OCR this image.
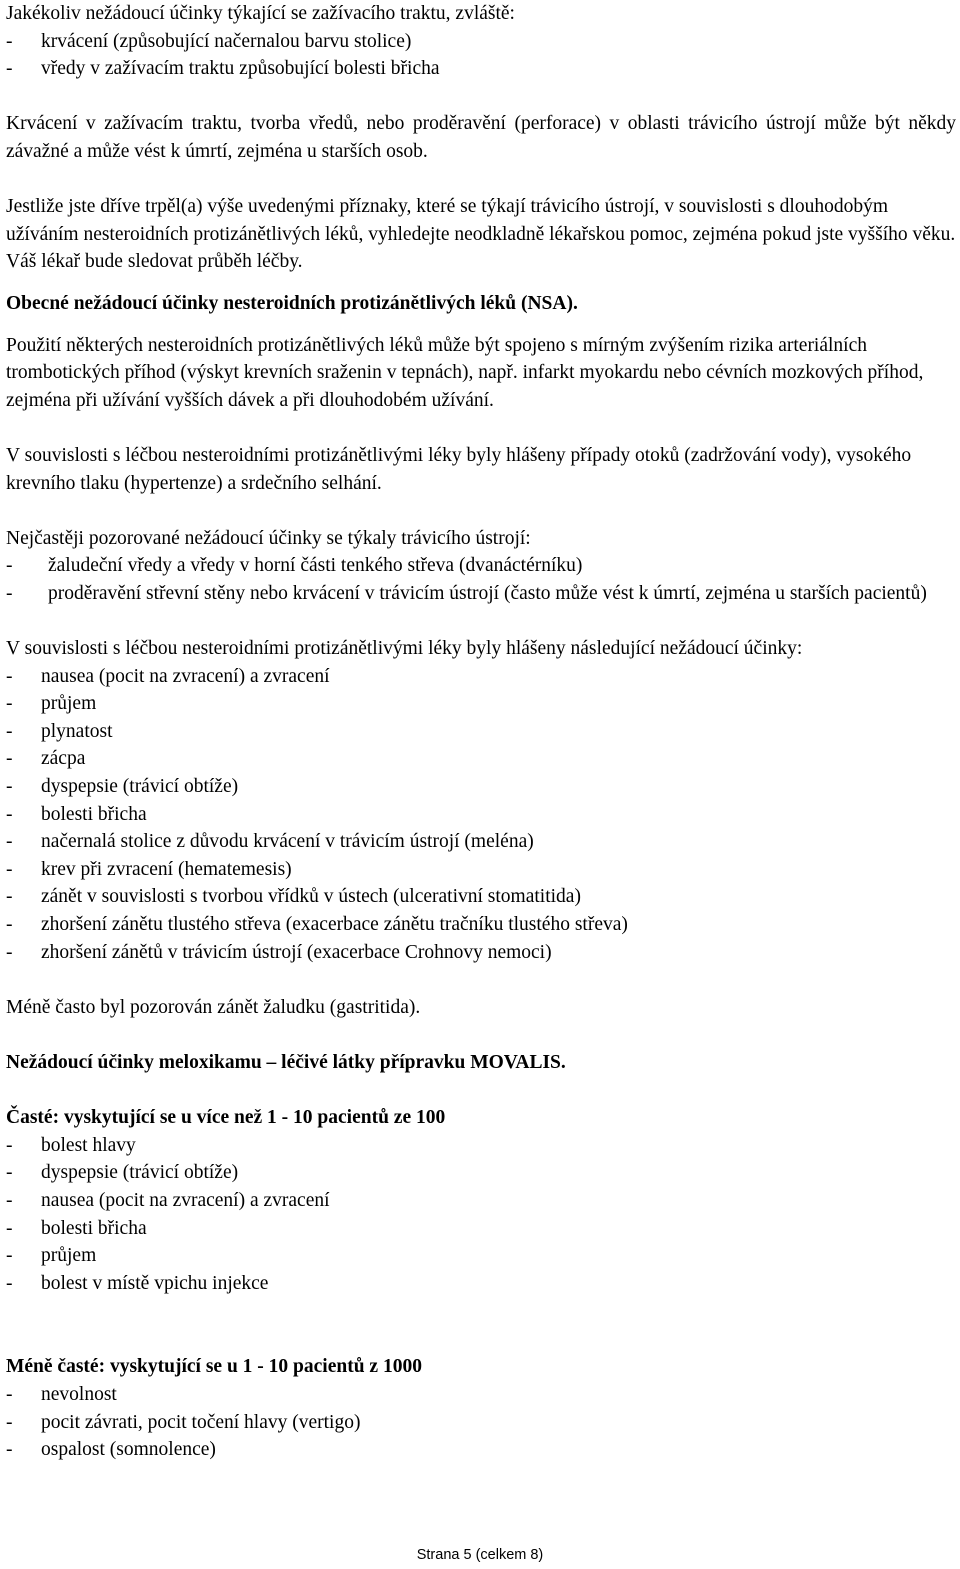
Jakékoliv nežádoucí účinky týkající se zažívacího traktu, zvláště:

-	krvácení (způsobující načernalou barvu stolice)
-	vředy v zažívacím traktu způsobující bolesti břicha

Krvácení v zažívacím traktu, tvorba vředů, nebo proděravění (perforace) v oblasti trávicího ústrojí může být někdy závažné a může vést k úmrtí, zejména u starších osob.

Jestliže jste dříve trpěl(a) výše uvedenými příznaky, které se týkají trávicího ústrojí, v souvislosti s dlouhodobým užíváním nesteroidních protizánětlivých léků, vyhledejte neodkladně lékařskou pomoc, zejména pokud jste vyššího věku. Váš lékař bude sledovat průběh léčby.

Obecné nežádoucí účinky nesteroidních protizánětlivých léků (NSA).

Použití některých nesteroidních protizánětlivých léků může být spojeno s mírným zvýšením rizika arteriálních trombotických příhod (výskyt krevních sraženin v tepnách), např. infarkt myokardu nebo cévních mozkových příhod, zejména při užívání vyšších dávek a při dlouhodobém užívání.

V souvislosti s léčbou nesteroidními protizánětlivými léky byly hlášeny případy otoků (zadržování vody), vysokého krevního tlaku (hypertenze) a srdečního selhání.

Nejčastěji pozorované nežádoucí účinky se týkaly trávicího ústrojí:

-	žaludeční vředy a vředy v horní části tenkého střeva (dvanáctérníku)
-	proděravění střevní stěny nebo krvácení v trávicím ústrojí (často může vést k úmrtí, zejména u starších pacientů)

V souvislosti s léčbou nesteroidními protizánětlivými léky byly hlášeny následující nežádoucí účinky:

-	nausea (pocit na zvracení) a zvracení
-	průjem
-	plynatost
-	zácpa
-	dyspepsie (trávicí obtíže)
-	bolesti břicha
-	načernalá stolice z důvodu krvácení v trávicím ústrojí (meléna)
-	krev při zvracení (hematemesis)
-	zánět v souvislosti s tvorbou vřídků v ústech (ulcerativní stomatitida)
-	zhoršení zánětu tlustého střeva (exacerbace zánětu tračníku tlustého střeva)
-	zhoršení zánětů v trávicím ústrojí (exacerbace Crohnovy nemoci)

Méně často byl pozorován zánět žaludku (gastritida).

Nežádoucí účinky meloxikamu – léčivé látky přípravku MOVALIS.

Časté: vyskytující se u více než 1 - 10 pacientů ze 100

-	bolest hlavy
-	dyspepsie (trávicí obtíže)
-	nausea (pocit na zvracení) a zvracení
-	bolesti břicha
-	průjem
-	bolest v místě vpichu injekce

Méně časté: vyskytující se u 1 - 10 pacientů z 1000

-	nevolnost
-	pocit závrati, pocit točení hlavy (vertigo)
-	ospalost (somnolence)
Strana 5 (celkem 8)
